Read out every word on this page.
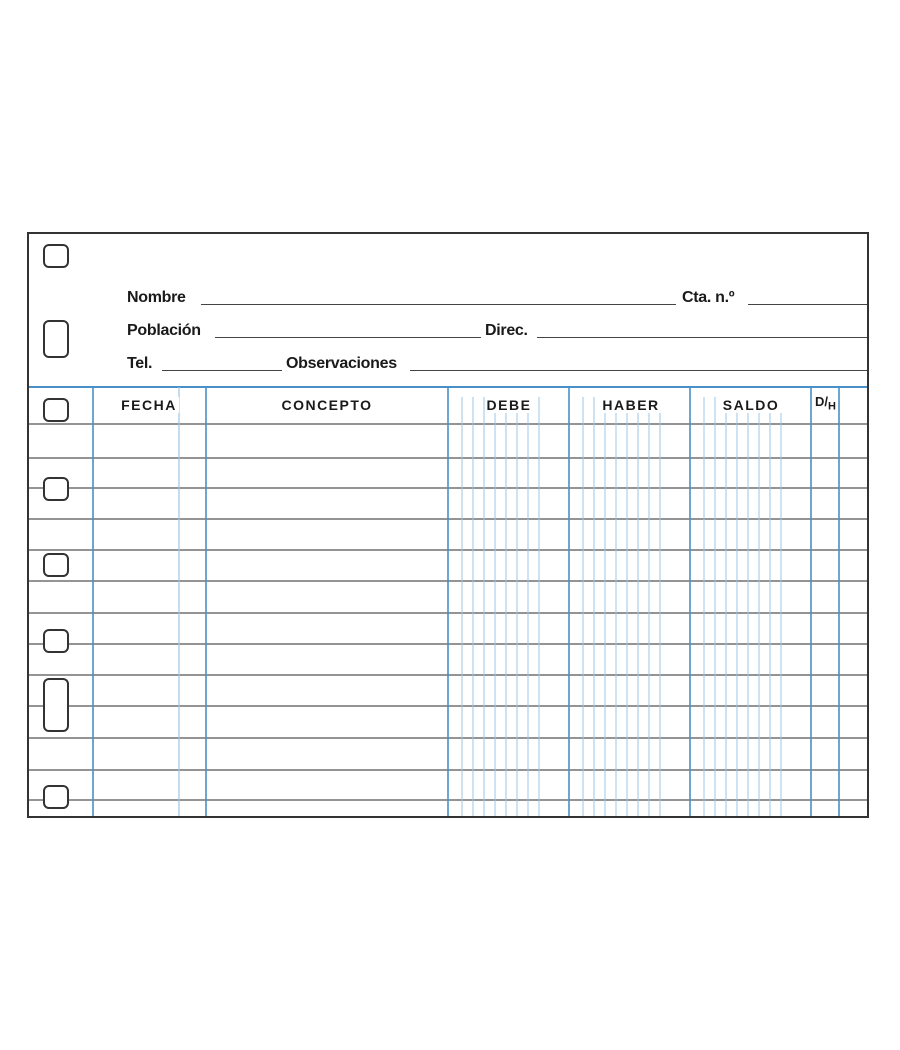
Nombre	Cta. n.º
Población	Direc.
Tel.	Observaciones
FECHA	CONCEPTO	DEBE	HABER	SALDO	$D/_H$
